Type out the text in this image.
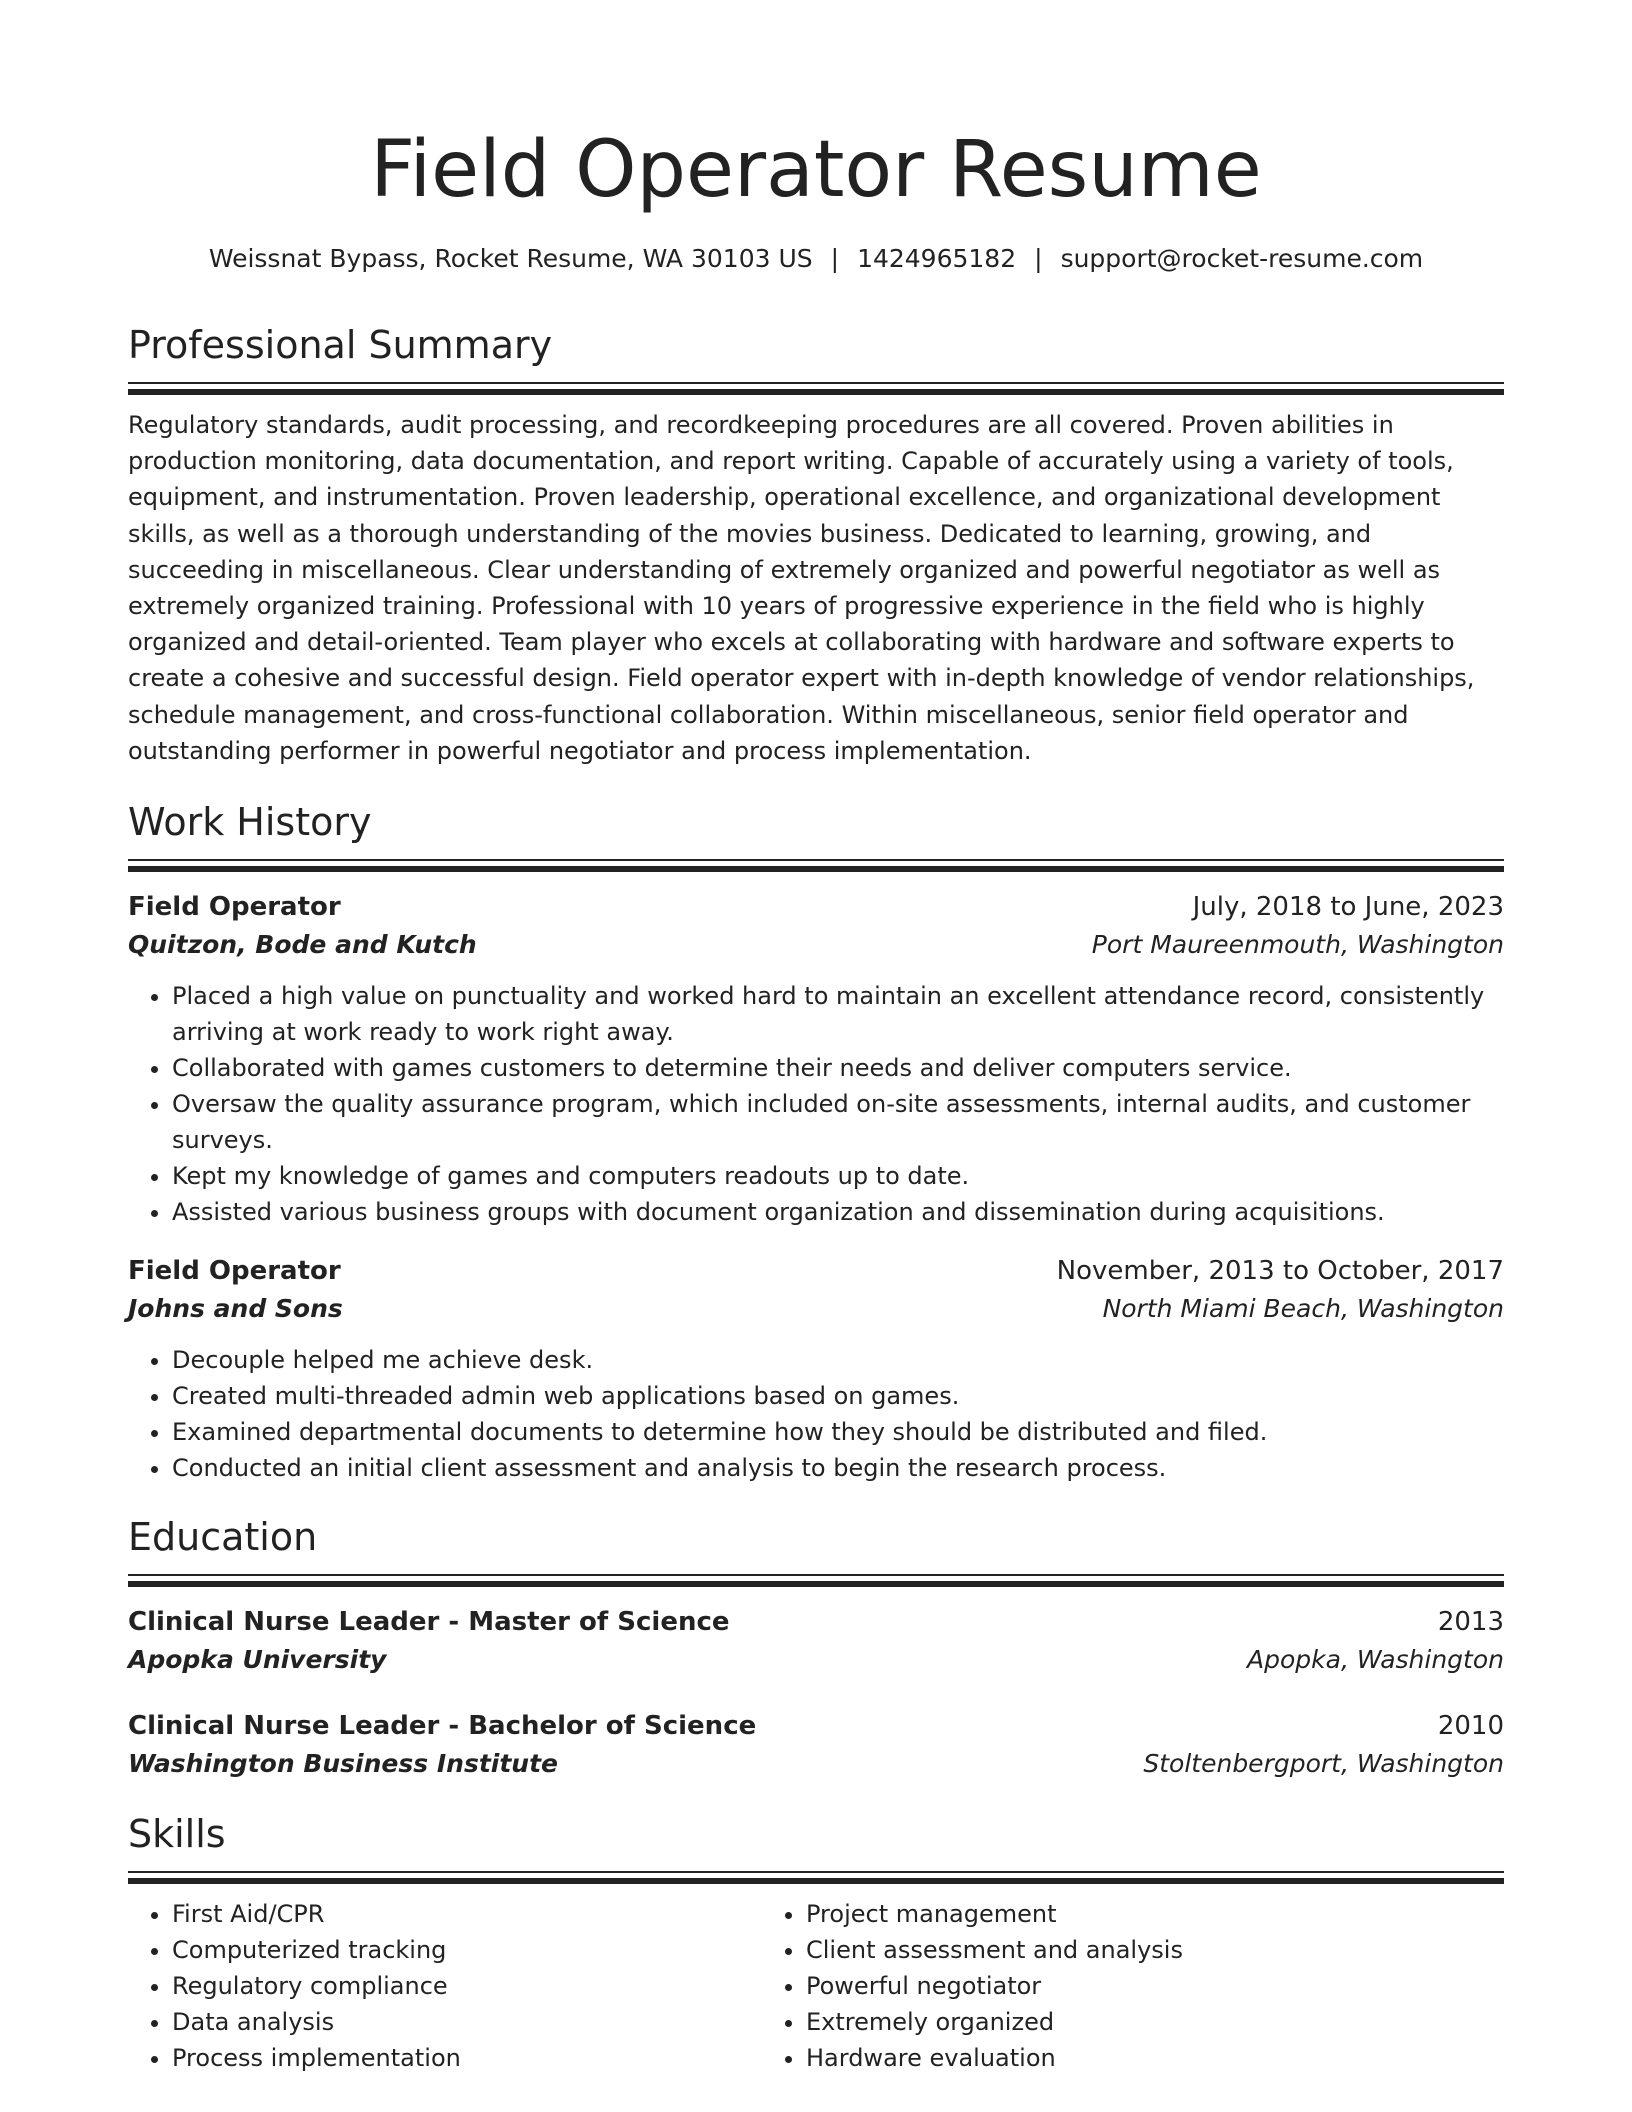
Field Operator Resume
Weissnat Bypass, Rocket Resume, WA 30103 US | 1424965182 | support@rocket-resume.com
Professional Summary
Regulatory standards, audit processing, and recordkeeping procedures are all covered. Proven abilities in production monitoring, data documentation, and report writing. Capable of accurately using a variety of tools, equipment, and instrumentation. Proven leadership, operational excellence, and organizational development skills, as well as a thorough understanding of the movies business. Dedicated to learning, growing, and succeeding in miscellaneous. Clear understanding of extremely organized and powerful negotiator as well as extremely organized training. Professional with 10 years of progressive experience in the field who is highly organized and detail-oriented. Team player who excels at collaborating with hardware and software experts to create a cohesive and successful design. Field operator expert with in-depth knowledge of vendor relationships, schedule management, and cross-functional collaboration. Within miscellaneous, senior field operator and outstanding performer in powerful negotiator and process implementation.
Work History
Field Operator	July, 2018 to June, 2023
Quitzon, Bode and Kutch	Port Maureenmouth, Washington
• Placed a high value on punctuality and worked hard to maintain an excellent attendance record, consistently arriving at work ready to work right away.
• Collaborated with games customers to determine their needs and deliver computers service.
• Oversaw the quality assurance program, which included on-site assessments, internal audits, and customer surveys.
• Kept my knowledge of games and computers readouts up to date.
• Assisted various business groups with document organization and dissemination during acquisitions.
Field Operator	November, 2013 to October, 2017
Johns and Sons	North Miami Beach, Washington
• Decouple helped me achieve desk.
• Created multi-threaded admin web applications based on games.
• Examined departmental documents to determine how they should be distributed and filed.
• Conducted an initial client assessment and analysis to begin the research process.
Education
Clinical Nurse Leader - Master of Science	2013
Apopka University	Apopka, Washington
Clinical Nurse Leader - Bachelor of Science	2010
Washington Business Institute	Stoltenbergport, Washington
Skills
• First Aid/CPR
• Computerized tracking
• Regulatory compliance
• Data analysis
• Process implementation
• Project management
• Client assessment and analysis
• Powerful negotiator
• Extremely organized
• Hardware evaluation
